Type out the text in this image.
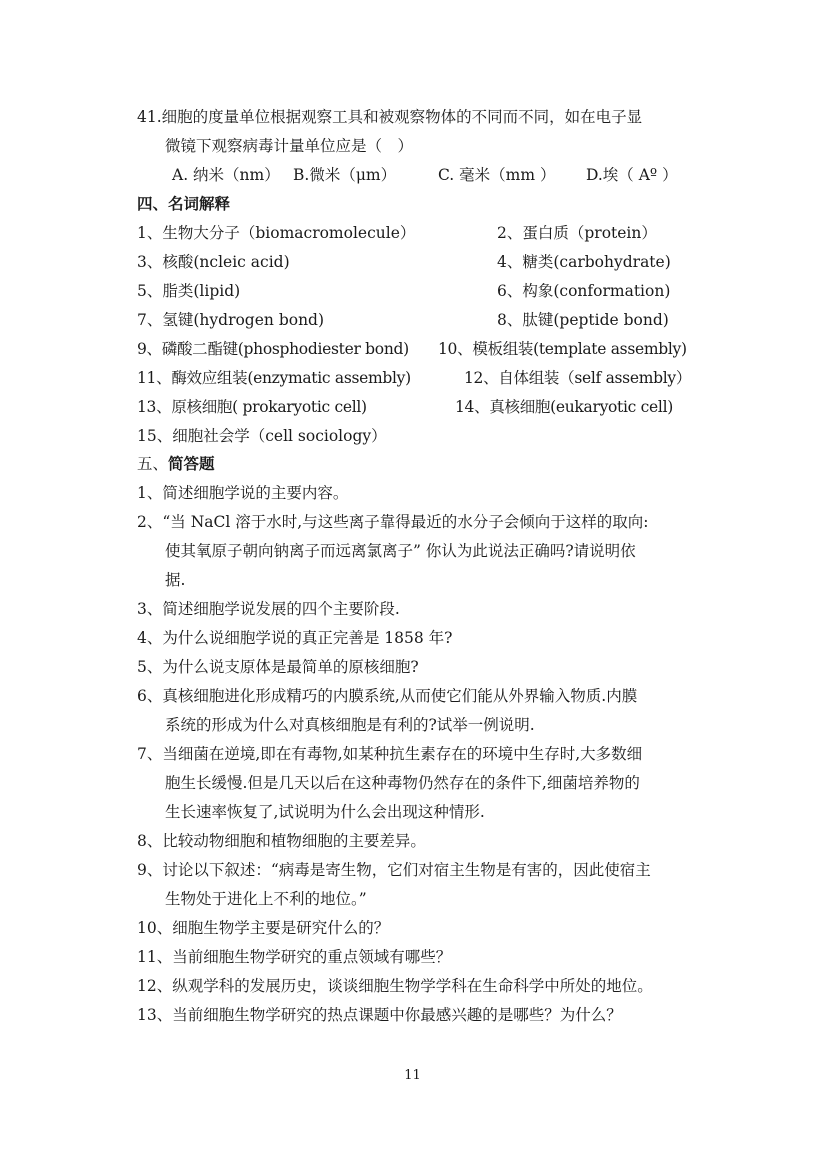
41.细胞的度量单位根据观察工具和被观察物体的不同而不同，如在电子显
微镜下观察病毒计量单位应是（　）
A. 纳米（nm） B.微米（μm）	C. 毫米（mm ） D.埃（ Aº ）
四、名词解释
1、生物大分子（biomacromolecule）	2、蛋白质（protein）
3、核酸(ncleic acid)	4、糖类(carbohydrate)
5、脂类(lipid)	6、构象(conformation)
7、氢键(hydrogen bond)	8、肽键(peptide bond)
9、磷酸二酯键(phosphodiester bond) 10、模板组装(template assembly)
11、酶效应组装(enzymatic assembly)	12、自体组装（self assembly）
13、原核细胞( prokaryotic cell)	14、真核细胞(eukaryotic cell)
15、细胞社会学（cell sociology）
五、简答题
1、简述细胞学说的主要内容。
2、“当 NaCl 溶于水时,与这些离子靠得最近的水分子会倾向于这样的取向:
使其氧原子朝向钠离子而远离氯离子” 你认为此说法正确吗?请说明依
据.
3、简述细胞学说发展的四个主要阶段.
4、为什么说细胞学说的真正完善是 1858 年?
5、为什么说支原体是最简单的原核细胞?
6、真核细胞进化形成精巧的内膜系统,从而使它们能从外界输入物质.内膜
系统的形成为什么对真核细胞是有利的?试举一例说明.
7、当细菌在逆境,即在有毒物,如某种抗生素存在的环境中生存时,大多数细
胞生长缓慢.但是几天以后在这种毒物仍然存在的条件下,细菌培养物的
生长速率恢复了,试说明为什么会出现这种情形.
8、比较动物细胞和植物细胞的主要差异。
9、讨论以下叙述：“病毒是寄生物，它们对宿主生物是有害的，因此使宿主
生物处于进化上不利的地位。”
10、细胞生物学主要是研究什么的？
11、当前细胞生物学研究的重点领域有哪些？
12、纵观学科的发展历史，谈谈细胞生物学学科在生命科学中所处的地位。
13、当前细胞生物学研究的热点课题中你最感兴趣的是哪些？为什么？
11
